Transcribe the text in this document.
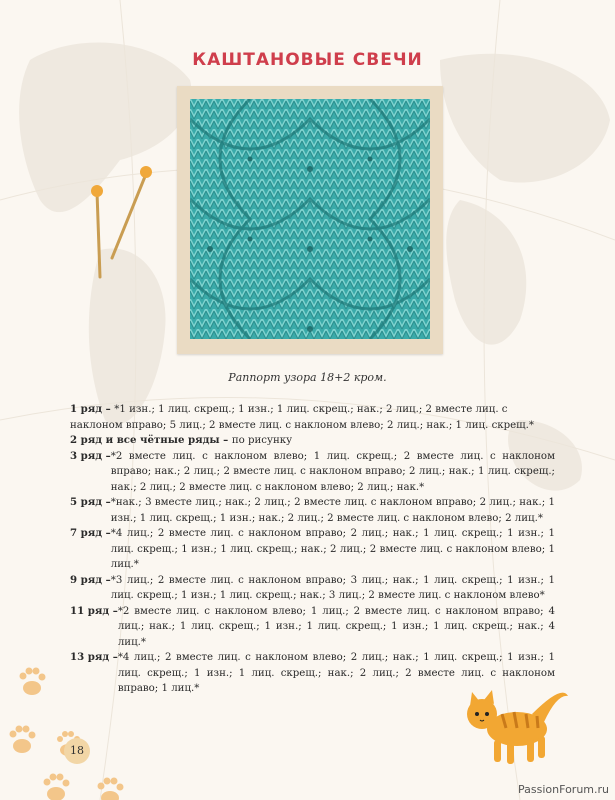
КАШТАНОВЫЕ СВЕЧИ
Раппорт узора 18+2 кром.

1 ряд – *1 изн.; 1 лиц. скрещ.; 1 изн.; 1 лиц. скрещ.; нак.; 2 лиц.; 2 вместе лиц. с наклоном вправо; 5 лиц.; 2 вместе лиц. с наклоном влево; 2 лиц.; нак.; 1 лиц. скрещ.*

2 ряд и все чётные ряды – по рисунку

3 ряд – *2 вместе лиц. с наклоном влево; 1 лиц. скрещ.; 2 вместе лиц. с наклоном вправо; нак.; 2 лиц.; 2 вместе лиц. с наклоном вправо; 2 лиц.; нак.; 1 лиц. скрещ.; нак.; 2 лиц.; 2 вместе лиц. с наклоном влево; 2 лиц.; нак.*
5 ряд – *нак.; 3 вместе лиц.; нак.; 2 лиц.; 2 вместе лиц. с наклоном вправо; 2 лиц.; нак.; 1 изн.; 1 лиц. скрещ.; 1 изн.; нак.; 2 лиц.; 2 вместе лиц. с наклоном влево; 2 лиц.*
7 ряд – *4 лиц.; 2 вместе лиц. с наклоном вправо; 2 лиц.; нак.; 1 лиц. скрещ.; 1 изн.; 1 лиц. скрещ.; 1 изн.; 1 лиц. скрещ.; нак.; 2 лиц.; 2 вместе лиц. с наклоном влево; 1 лиц.*
9 ряд – *3 лиц.; 2 вместе лиц. с наклоном вправо; 3 лиц.; нак.; 1 лиц. скрещ.; 1 изн.; 1 лиц. скрещ.; 1 изн.; 1 лиц. скрещ.; нак.; 3 лиц.; 2 вместе лиц. с наклоном влево*
11 ряд – *2 вместе лиц. с наклоном влево; 1 лиц.; 2 вместе лиц. с наклоном вправо; 4 лиц.; нак.; 1 лиц. скрещ.; 1 изн.; 1 лиц. скрещ.; 1 изн.; 1 лиц. скрещ.; нак.; 4 лиц.*
13 ряд – *4 лиц.; 2 вместе лиц. с наклоном влево; 2 лиц.; нак.; 1 лиц. скрещ.; 1 изн.; 1 лиц. скрещ.; 1 изн.; 1 лиц. скрещ.; нак.; 2 лиц.; 2 вместе лиц. с наклоном вправо; 1 лиц.*
18
PassionForum.ru
